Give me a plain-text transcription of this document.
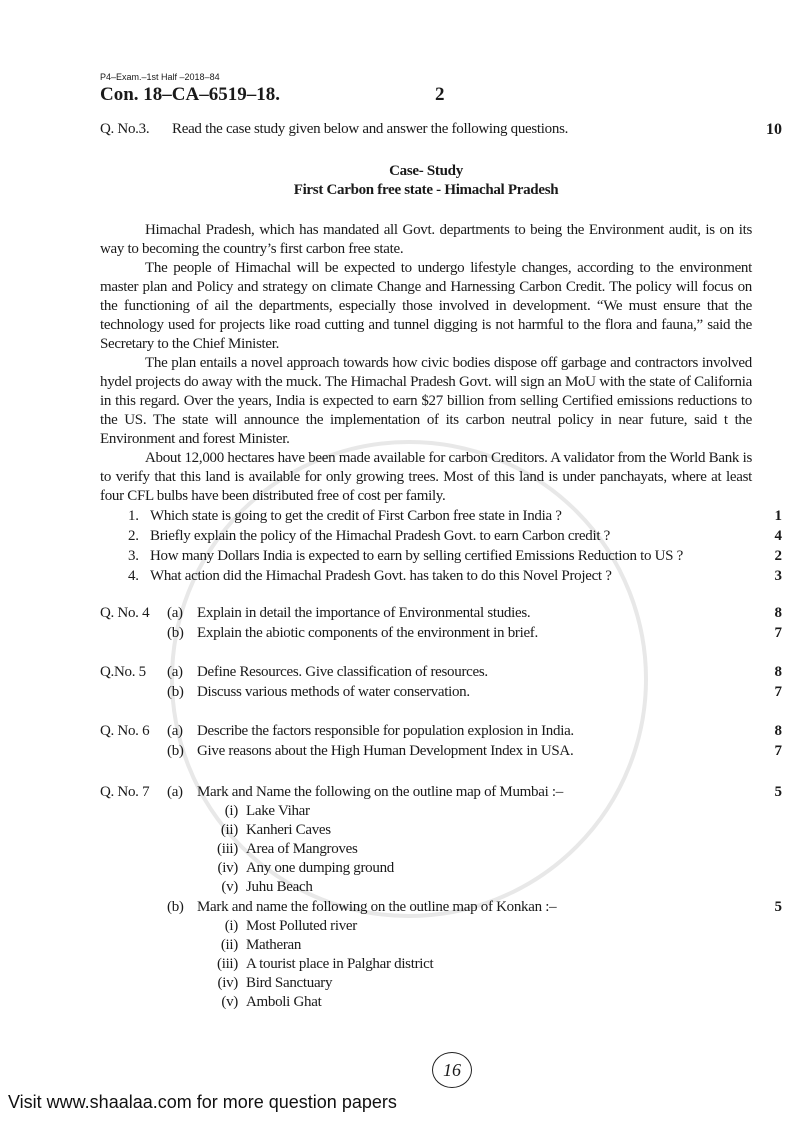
P4–Exam.–1st Half –2018–84
Con. 18–CA–6519–18.	2
Q. No.3.	Read the case study given below and answer the following questions.	10
Case- Study
First Carbon free state - Himachal Pradesh

Himachal Pradesh, which has mandated all Govt. departments to being the Environment audit, is on its way to becoming the country’s first carbon free state.

The people of Himachal will be expected to undergo lifestyle changes, according to the environment master plan and Policy and strategy on climate Change and Harnessing Carbon Credit. The policy will focus on the functioning of ail the departments, especially those involved in development. “We must ensure that the technology used for projects like road cutting and tunnel digging is not harmful to the flora and fauna,” said the Secretary to the Chief Minister.

The plan entails a novel approach towards how civic bodies dispose off garbage and contractors involved hydel projects do away with the muck. The Himachal Pradesh Govt. will sign an MoU with the state of California in this regard. Over the years, India is expected to earn $27 billion from selling Certified emissions reductions to the US. The state will announce the implementation of its carbon neutral policy in near future, said t the Environment and forest Minister.

About 12,000 hectares have been made available for carbon Creditors. A validator from the World Bank is to verify that this land is available for only growing trees. Most of this land is under panchayats, where at least four CFL bulbs have been distributed free of cost per family.

1. Which state is going to get the credit of First Carbon free state in India ?	1
2. Briefly explain the policy of the Himachal Pradesh Govt. to earn Carbon credit ?	4
3. How many Dollars India is expected to earn by selling certified Emissions Reduction to US ?	2
4. What action did the Himachal Pradesh Govt. has taken to do this Novel Project ?	3
Q. No. 4	(a) Explain in detail the importance of Environmental studies.	8
(b) Explain the abiotic components of the environment in brief.	7
Q.No. 5	(a) Define Resources. Give classification of resources.	8
(b) Discuss various methods of water conservation.	7
Q. No. 6	(a) Describe the factors responsible for population explosion in India.	8
(b) Give reasons about the High Human Development Index in USA.	7
Q. No. 7	(a) Mark and Name the following on the outline map of Mumbai :–	5
(i) Lake Vihar
(ii) Kanheri Caves
(iii) Area of Mangroves
(iv) Any one dumping ground
(v) Juhu Beach
(b) Mark and name the following on the outline map of Konkan :–	5
(i) Most Polluted river
(ii) Matheran
(iii) A tourist place in Palghar district
(iv) Bird Sanctuary
(v) Amboli Ghat
16
Visit www.shaalaa.com for more question papers
